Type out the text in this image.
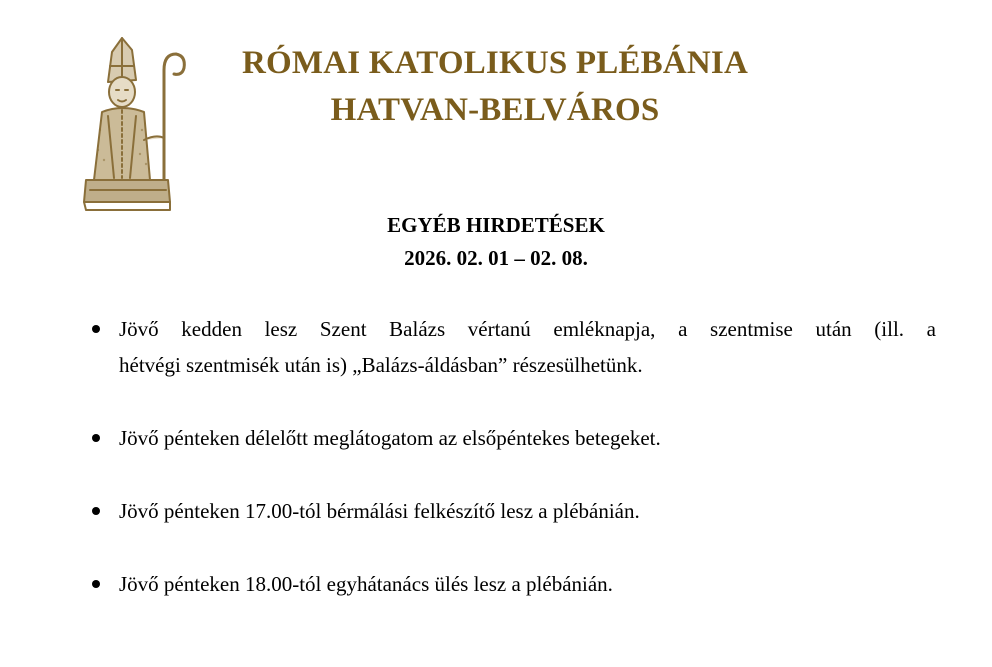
RÓMAI KATOLIKUS PLÉBÁNIA
HATVAN-BELVÁROS
EGYÉB HIRDETÉSEK
2026. 02. 01 – 02. 08.
Jövő kedden lesz Szent Balázs vértanú emléknapja, a szentmise után (ill. a
hétvégi szentmisék után is) „Balázs-áldásban” részesülhetünk.
Jövő pénteken délelőtt meglátogatom az elsőpéntekes betegeket.
Jövő pénteken 17.00-tól bérmálási felkészítő lesz a plébánián.
Jövő pénteken 18.00-tól egyhátanács ülés lesz a plébánián.
